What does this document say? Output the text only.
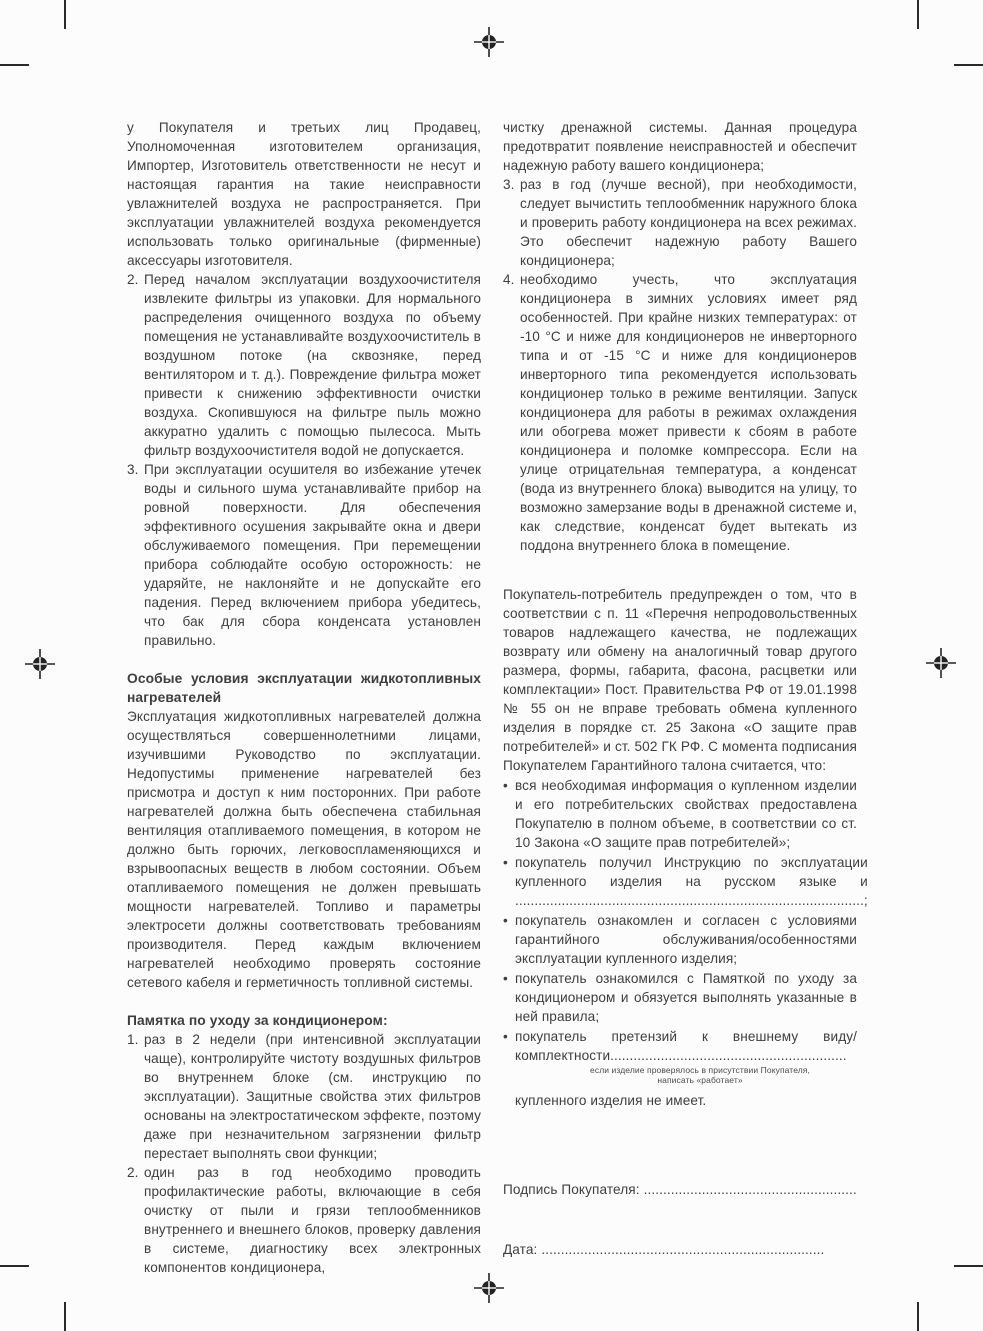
у Покупателя и третьих лиц Продавец, Уполномоченная изготовителем организация, Импортер, Изготовитель ответственности не несут и настоящая гарантия на такие неисправности увлажнителей воздуха не распространяется. При эксплуатации увлажнителей воздуха рекомендуется использовать только оригинальные (фирменные) аксессуары изготовителя.

2. Перед началом эксплуатации воздухоочистителя извлеките фильтры из упаковки. Для нормального распределения очищенного воздуха по объему помещения не устанавливайте воздухоочиститель в воздушном потоке (на сквозняке, перед вентилятором и т. д.). Повреждение фильтра может привести к снижению эффективности очистки воздуха. Скопившуюся на фильтре пыль можно аккуратно удалить с помощью пылесоса. Мыть фильтр воздухоочистителя водой не допускается.
3. При эксплуатации осушителя во избежание утечек воды и сильного шума устанавливайте прибор на ровной поверхности. Для обеспечения эффективного осушения закрывайте окна и двери обслуживаемого помещения. При перемещении прибора соблюдайте особую осторожность: не ударяйте, не наклоняйте и не допускайте его падения. Перед включением прибора убедитесь, что бак для сбора конденсата установлен правильно.
Особые условия эксплуатации жидкотопливных нагревателей

Эксплуатация жидкотопливных нагревателей должна осуществляться совершеннолетними лицами, изучившими Руководство по эксплуатации. Недопустимы применение нагревателей без присмотра и доступ к ним посторонних. При работе нагревателей должна быть обеспечена стабильная вентиляция отапливаемого помещения, в котором не должно быть горючих, легковоспламеняющихся и взрывоопасных веществ в любом состоянии. Объем отапливаемого помещения не должен превышать мощности нагревателей. Топливо и параметры электросети должны соответствовать требованиям производителя. Перед каждым включением нагревателей необходимо проверять состояние сетевого кабеля и герметичность топливной системы.

Памятка по уходу за кондиционером:
1. раз в 2 недели (при интенсивной эксплуатации чаще), контролируйте чистоту воздушных фильтров во внутреннем блоке (см. инструкцию по эксплуатации). Защитные свойства этих фильтров основаны на электростатическом эффекте, поэтому даже при незначительном загрязнении фильтр перестает выполнять свои функции;
2. один раз в год необходимо проводить профилактические работы, включающие в себя очистку от пыли и грязи теплообменников внутреннего и внешнего блоков, проверку давления в системе, диагностику всех электронных компонентов кондиционера,

чистку дренажной системы. Данная процедура предотвратит появление неисправностей и обеспечит надежную работу вашего кондиционера;

3. раз в год (лучше весной), при необходимости, следует вычистить теплообменник наружного блока и проверить работу кондиционера на всех режимах. Это обеспечит надежную работу Вашего кондиционера;
4. необходимо учесть, что эксплуатация кондиционера в зимних условиях имеет ряд особенностей. При крайне низких температурах: от -10 °C и ниже для кондиционеров не инверторного типа и от -15 °C и ниже для кондиционеров инверторного типа рекомендуется использовать кондиционер только в режиме вентиляции. Запуск кондиционера для работы в режимах охлаждения или обогрева может привести к сбоям в работе кондиционера и поломке компрессора. Если на улице отрицательная температура, а конденсат (вода из внутреннего блока) выводится на улицу, то возможно замерзание воды в дренажной системе и, как следствие, конденсат будет вытекать из поддона внутреннего блока в помещение.

Покупатель-потребитель предупрежден о том, что в соответствии с п. 11 «Перечня непродовольственных товаров надлежащего качества, не подлежащих возврату или обмену на аналогичный товар другого размера, формы, габарита, фасона, расцветки или комплектации» Пост. Правительства РФ от 19.01.1998 № 55 он не вправе требовать обмена купленного изделия в порядке ст. 25 Закона «О защите прав потребителей» и ст. 502 ГК РФ. С момента подписания Покупателем Гарантийного талона считается, что:

• вся необходимая информация о купленном изделии и его потребительских свойствах предоставлена Покупателю в полном объеме, в соответствии со ст. 10 Закона «О защите прав потребителей»;
• покупатель получил Инструкцию по эксплуатации купленного изделия на русском языке и ..........................................................................................;
• покупатель ознакомлен и согласен с условиями гарантийного обслуживания/особенностями эксплуатации купленного изделия;
• покупатель ознакомился с Памяткой по уходу за кондиционером и обязуется выполнять указанные в ней правила;
• покупатель претензий к внешнему виду/комплектности.............................................................
если изделие проверялось в присутствии Покупателя, написать «работает»

купленного изделия не имеет.

Подпись Покупателя: .......................................................
Дата: .........................................................................
